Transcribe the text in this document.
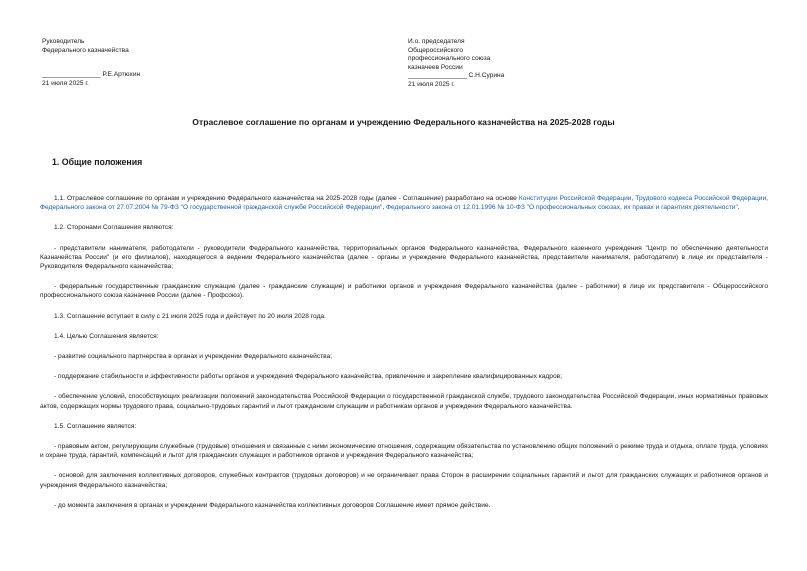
Руководитель
Федерального казначейства
________________ Р.Е.Артюхин
21 июля 2025 г.
И.о. председателя
Общероссийского
профессионального союза
казначеев России
________________ С.Н.Сурина
21 июля 2025 г.
Отраслевое соглашение по органам и учреждению Федерального казначейства на 2025-2028 годы
1. Общие положения

1.1. Отраслевое соглашение по органам и учреждению Федерального казначейства на 2025-2028 годы (далее - Соглашение) разработано на основе Конституции Российской Федерации, Трудового кодекса Российской Федерации, Федерального закона от 27.07.2004 № 79-ФЗ "О государственной гражданской службе Российской Федерации", Федерального закона от 12.01.1996 № 10-ФЗ "О профессиональных союзах, их правах и гарантиях деятельности".

1.2. Сторонами Соглашения являются:

- представители нанимателя, работодатели - руководители Федерального казначейства, территориальных органов Федерального казначейства, Федерального казенного учреждения "Центр по обеспечению деятельности Казначейства России" (и его филиалов), находящегося в ведении Федерального казначейства (далее - органы и учреждение Федерального казначейства, представители нанимателя, работодатели) в лице их представителя - Руководителя Федерального казначейства;

- федеральные государственные гражданские служащие (далее - гражданские служащие) и работники органов и учреждения Федерального казначейства (далее - работники) в лице их представителя - Общероссийского профессионального союза казначеев России (далее - Профсоюз).

1.3. Соглашение вступает в силу с 21 июля 2025 года и действует по 20 июля 2028 года.

1.4. Целью Соглашения является:

- развитие социального партнерства в органах и учреждении Федерального казначейства;

- поддержание стабильности и эффективности работы органов и учреждения Федерального казначейства, привлечение и закрепление квалифицированных кадров;

- обеспечение условий, способствующих реализации положений законодательства Российской Федерации о государственной гражданской службе, трудового законодательства Российской Федерации, иных нормативных правовых актов, содержащих нормы трудового права, социально-трудовых гарантий и льгот гражданским служащим и работникам органов и учреждения Федерального казначейства.

1.5. Соглашение является:

- правовым актом, регулирующим служебные (трудовые) отношения и связанные с ними экономические отношения, содержащим обязательства по установлению общих положений о режиме труда и отдыха, оплате труда, условиях и охране труда, гарантий, компенсаций и льгот для гражданских служащих и работников органов и учреждения Федерального казначейства;

- основой для заключения коллективных договоров, служебных контрактов (трудовых договоров) и не ограничивает права Сторон в расширении социальных гарантий и льгот для гражданских служащих и работников органов и учреждения Федерального казначейства;

- до момента заключения в органах и учреждении Федерального казначейства коллективных договоров Соглашение имеет прямое действие.
